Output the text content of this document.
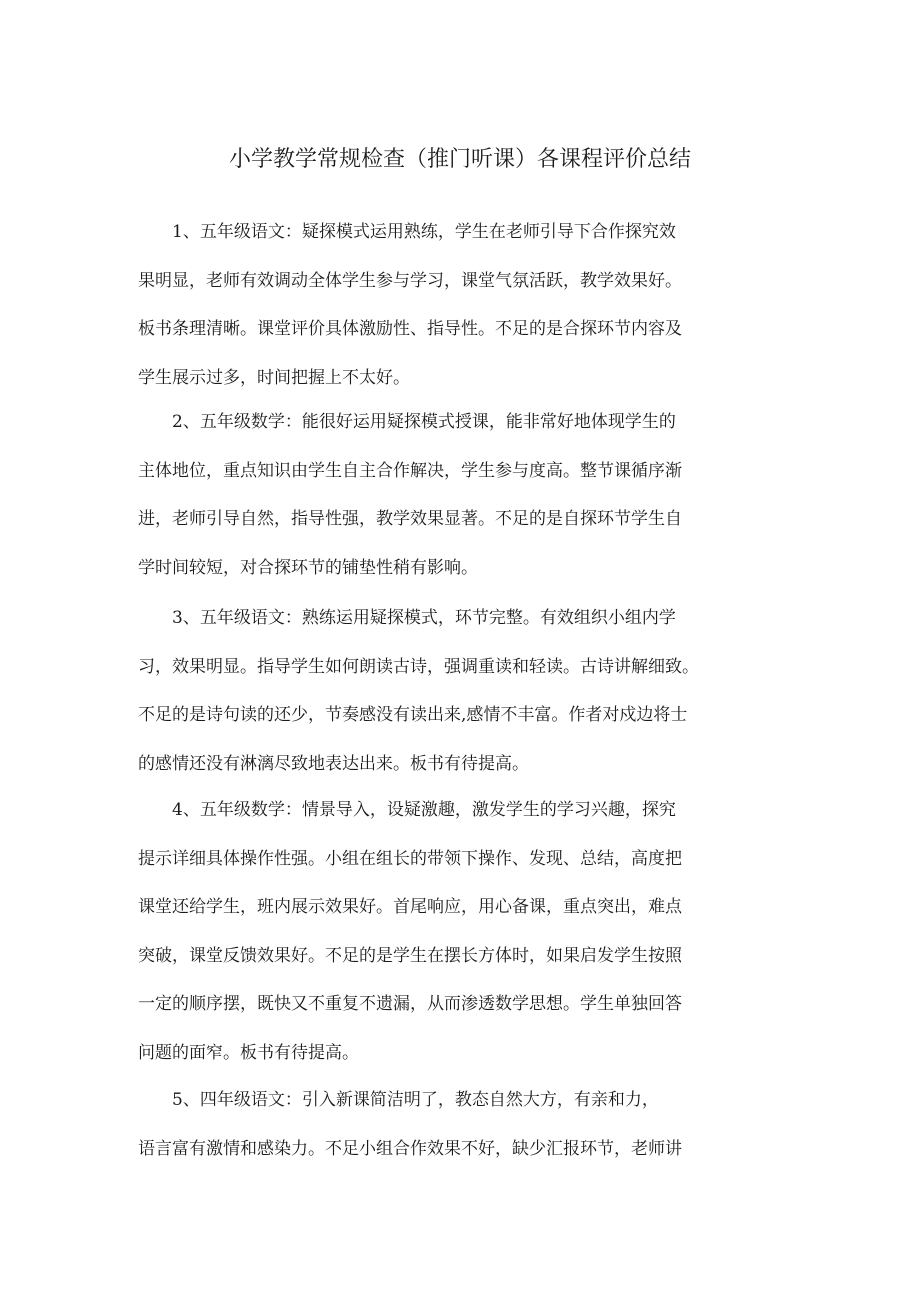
小学教学常规检查（推门听课）各课程评价总结
1、五年级语文：疑探模式运用熟练，学生在老师引导下合作探究效
果明显，老师有效调动全体学生参与学习，课堂气氛活跃，教学效果好。
板书条理清晰。课堂评价具体激励性、指导性。不足的是合探环节内容及
学生展示过多，时间把握上不太好。
2、五年级数学：能很好运用疑探模式授课，能非常好地体现学生的
主体地位，重点知识由学生自主合作解决，学生参与度高。整节课循序渐
进，老师引导自然，指导性强，教学效果显著。不足的是自探环节学生自
学时间较短，对合探环节的铺垫性稍有影响。
3、五年级语文：熟练运用疑探模式，环节完整。有效组织小组内学
习，效果明显。指导学生如何朗读古诗，强调重读和轻读。古诗讲解细致。
不足的是诗句读的还少，节奏感没有读出来,感情不丰富。作者对戍边将士
的感情还没有淋漓尽致地表达出来。板书有待提高。
4、五年级数学：情景导入，设疑激趣，激发学生的学习兴趣，探究
提示详细具体操作性强。小组在组长的带领下操作、发现、总结，高度把
课堂还给学生，班内展示效果好。首尾响应，用心备课，重点突出，难点
突破，课堂反馈效果好。不足的是学生在摆长方体时，如果启发学生按照
一定的顺序摆，既快又不重复不遗漏，从而渗透数学思想。学生单独回答
问题的面窄。板书有待提高。
5、四年级语文：引入新课简洁明了，教态自然大方，有亲和力，
语言富有激情和感染力。不足小组合作效果不好，缺少汇报环节，老师讲
